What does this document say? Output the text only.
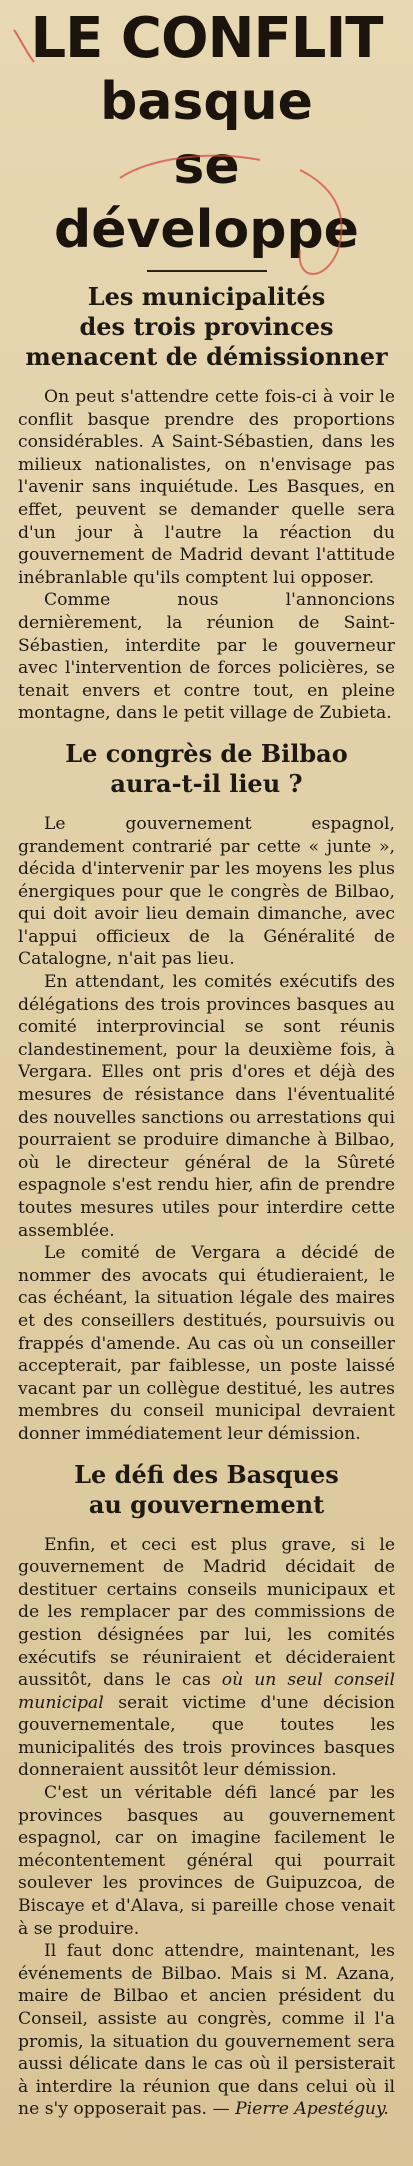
LE CONFLIT
basque
se développe
Les municipalités
des trois provinces
menacent de démissionner

On peut s'attendre cette fois-ci à voir le conflit basque prendre des proportions considérables. A Saint-Sébastien, dans les milieux nationalistes, on n'envisage pas l'avenir sans inquiétude. Les Basques, en effet, peuvent se demander quelle sera d'un jour à l'autre la réaction du gouvernement de Madrid devant l'attitude inébranlable qu'ils comptent lui opposer.

Comme nous l'annoncions dernièrement, la réunion de Saint-Sébastien, interdite par le gouverneur avec l'intervention de forces policières, se tenait envers et contre tout, en pleine montagne, dans le petit village de Zubieta.

Le congrès de Bilbao
aura-t-il lieu ?

Le gouvernement espagnol, grandement contrarié par cette « junte », décida d'intervenir par les moyens les plus énergiques pour que le congrès de Bilbao, qui doit avoir lieu demain dimanche, avec l'appui officieux de la Généralité de Catalogne, n'ait pas lieu.

En attendant, les comités exécutifs des délégations des trois provinces basques au comité interprovincial se sont réunis clandestinement, pour la deuxième fois, à Vergara. Elles ont pris d'ores et déjà des mesures de résistance dans l'éventualité des nouvelles sanctions ou arrestations qui pourraient se produire dimanche à Bilbao, où le directeur général de la Sûreté espagnole s'est rendu hier, afin de prendre toutes mesures utiles pour interdire cette assemblée.

Le comité de Vergara a décidé de nommer des avocats qui étudieraient, le cas échéant, la situation légale des maires et des conseillers destitués, poursuivis ou frappés d'amende. Au cas où un conseiller accepterait, par faiblesse, un poste laissé vacant par un collègue destitué, les autres membres du conseil municipal devraient donner immédiatement leur démission.

Le défi des Basques
au gouvernement

Enfin, et ceci est plus grave, si le gouvernement de Madrid décidait de destituer certains conseils municipaux et de les remplacer par des commissions de gestion désignées par lui, les comités exécutifs se réuniraient et décideraient aussitôt, dans le cas où un seul conseil municipal serait victime d'une décision gouvernementale, que toutes les municipalités des trois provinces basques donneraient aussitôt leur démission.

C'est un véritable défi lancé par les provinces basques au gouvernement espagnol, car on imagine facilement le mécontentement général qui pourrait soulever les provinces de Guipuzcoa, de Biscaye et d'Alava, si pareille chose venait à se produire.

Il faut donc attendre, maintenant, les événements de Bilbao. Mais si M. Azana, maire de Bilbao et ancien président du Conseil, assiste au congrès, comme il l'a promis, la situation du gouvernement sera aussi délicate dans le cas où il persisterait à interdire la réunion que dans celui où il ne s'y opposerait pas. — Pierre Apestéguy.
